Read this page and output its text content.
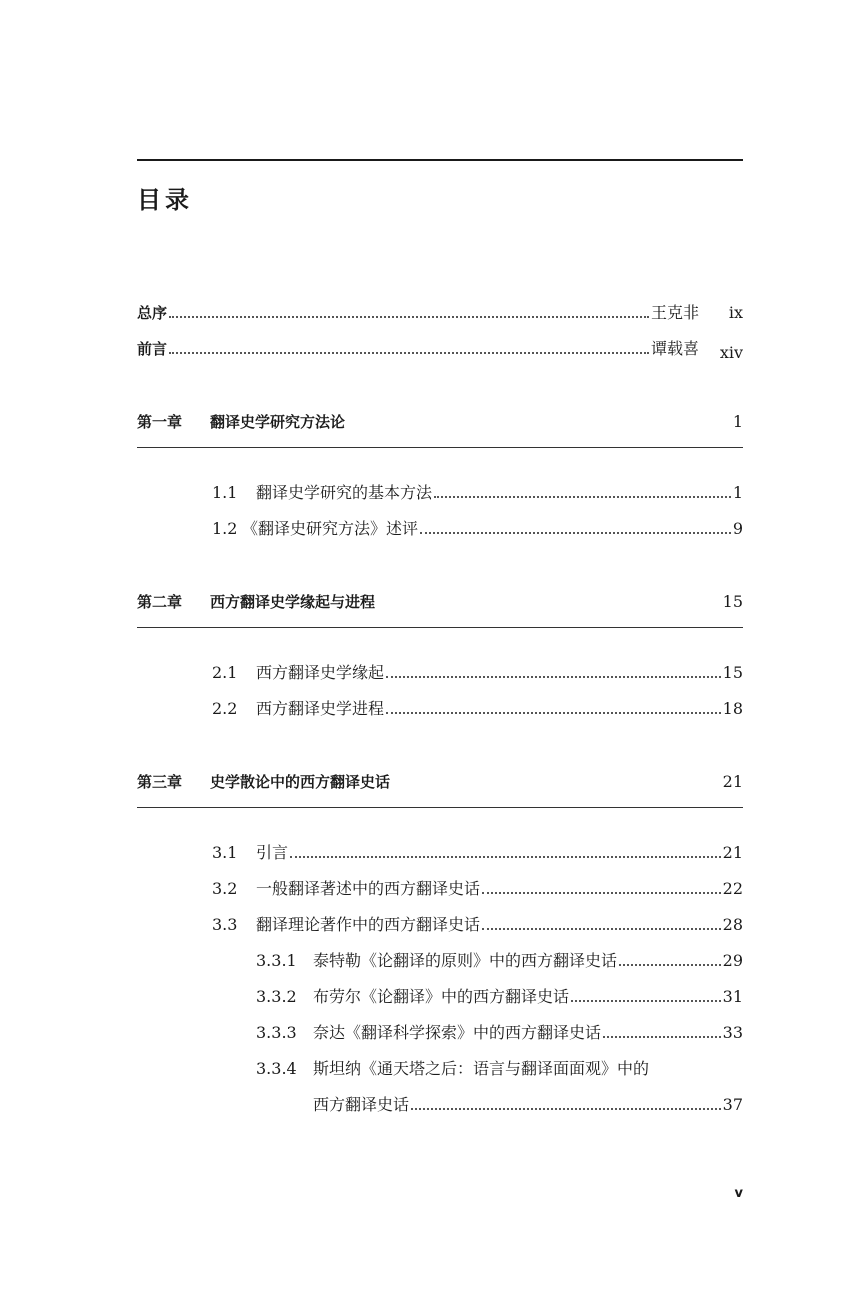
目录
总序	王克非	ix
前言	谭载喜	xiv
第一章	翻译史学研究方法论	1
1.1	翻译史学研究的基本方法	1
1.2 《翻译史研究方法》述评	9
第二章	西方翻译史学缘起与进程	15
2.1	西方翻译史学缘起	15
2.2	西方翻译史学进程	18
第三章	史学散论中的西方翻译史话	21
3.1	引言	21
3.2	一般翻译著述中的西方翻译史话	22
3.3	翻译理论著作中的西方翻译史话	28
3.3.1	泰特勒《论翻译的原则》中的西方翻译史话	29
3.3.2	布劳尔《论翻译》中的西方翻译史话	31
3.3.3	奈达《翻译科学探索》中的西方翻译史话	33
3.3.4	斯坦纳《通天塔之后：语言与翻译面面观》中的
西方翻译史话	37
v
